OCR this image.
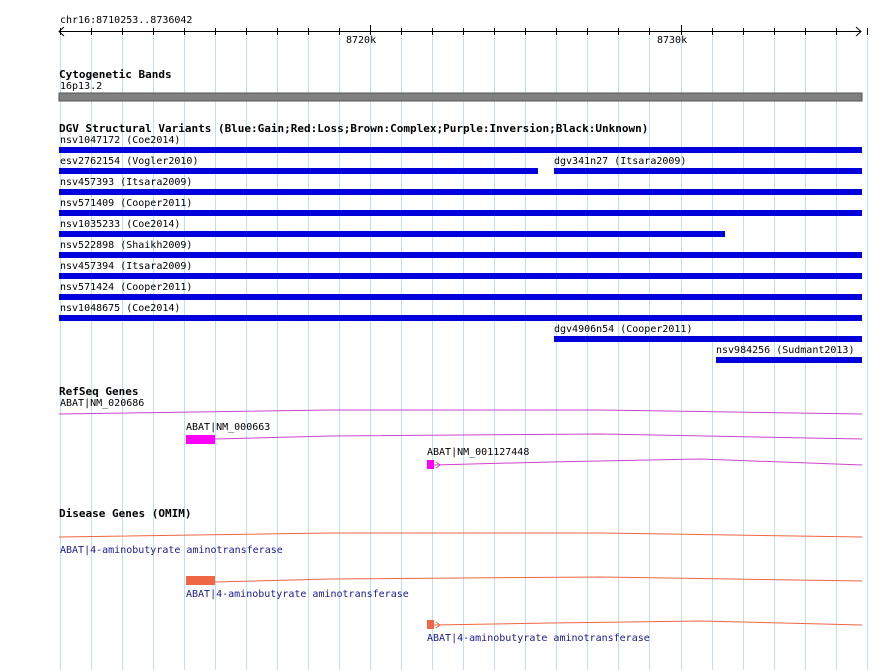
chr16:8710253..8736042
8720k	8730k
Cytogenetic Bands
16p13.2
DGV Structural Variants (Blue:Gain;Red:Loss;Brown:Complex;Purple:Inversion;Black:Unknown)
nsv1047172 (Coe2014)
esv2762154 (Vogler2010)	dgv341n27 (Itsara2009)
nsv457393 (Itsara2009)
nsv571409 (Cooper2011)
nsv1035233 (Coe2014)
nsv522898 (Shaikh2009)
nsv457394 (Itsara2009)
nsv571424 (Cooper2011)
nsv1048675 (Coe2014)
dgv4906n54 (Cooper2011)
nsv984256 (Sudmant2013)
RefSeq Genes
ABAT|NM_020686
ABAT|NM_000663
ABAT|NM_001127448
Disease Genes (OMIM)
ABAT|4-aminobutyrate aminotransferase
ABAT|4-aminobutyrate aminotransferase
ABAT|4-aminobutyrate aminotransferase
